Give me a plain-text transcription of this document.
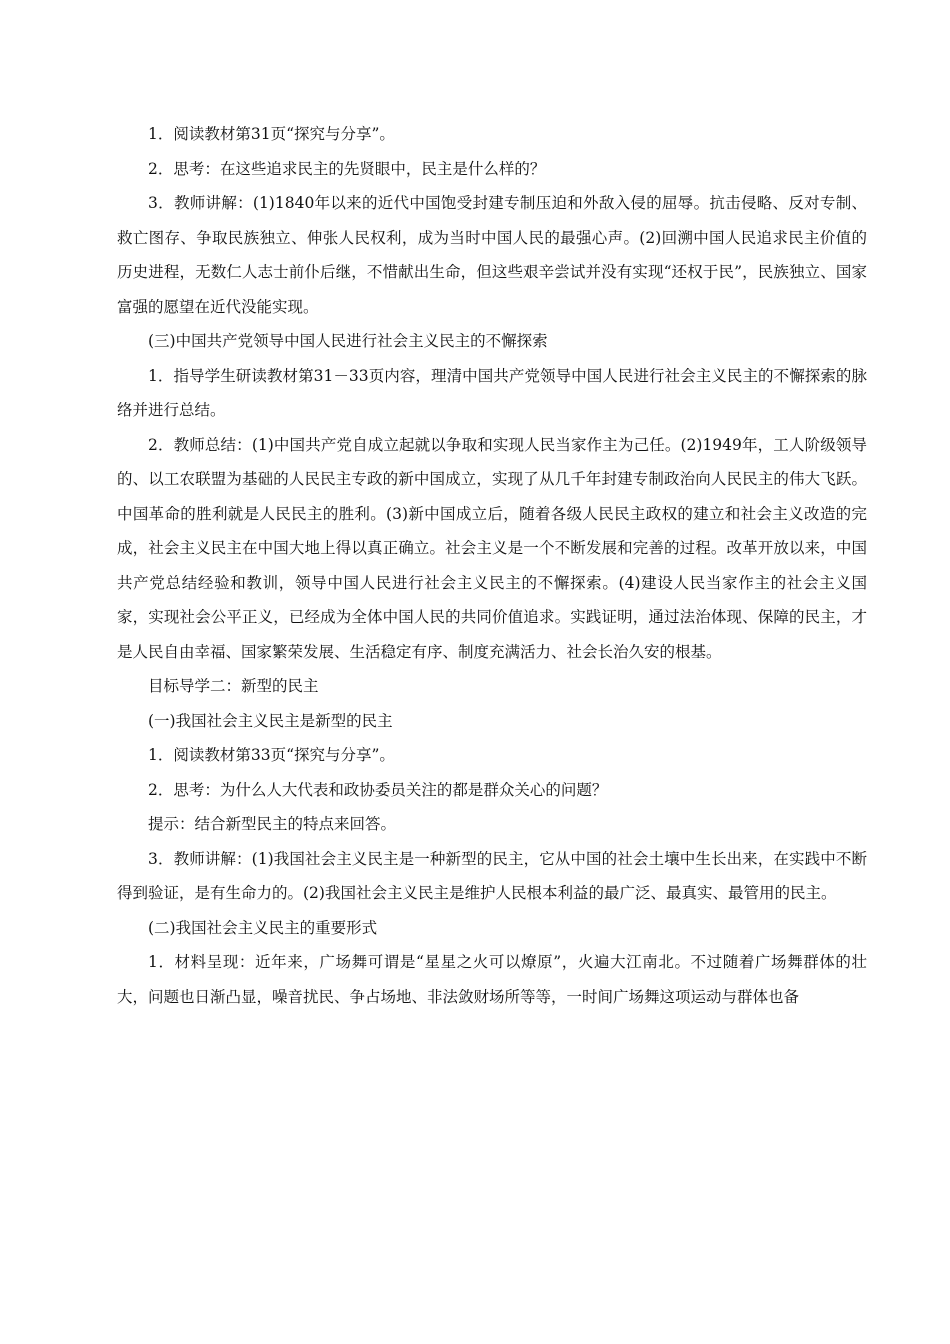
1．阅读教材第31页“探究与分享”。

2．思考：在这些追求民主的先贤眼中，民主是什么样的？

3．教师讲解：(1)1840年以来的近代中国饱受封建专制压迫和外敌入侵的屈辱。抗击侵略、反对专制、救亡图存、争取民族独立、伸张人民权利，成为当时中国人民的最强心声。(2)回溯中国人民追求民主价值的历史进程，无数仁人志士前仆后继，不惜献出生命，但这些艰辛尝试并没有实现“还权于民”，民族独立、国家富强的愿望在近代没能实现。

(三)中国共产党领导中国人民进行社会主义民主的不懈探索

1．指导学生研读教材第31－33页内容，理清中国共产党领导中国人民进行社会主义民主的不懈探索的脉络并进行总结。

2．教师总结：(1)中国共产党自成立起就以争取和实现人民当家作主为己任。(2)1949年，工人阶级领导的、以工农联盟为基础的人民民主专政的新中国成立，实现了从几千年封建专制政治向人民民主的伟大飞跃。中国革命的胜利就是人民民主的胜利。(3)新中国成立后，随着各级人民民主政权的建立和社会主义改造的完成，社会主义民主在中国大地上得以真正确立。社会主义是一个不断发展和完善的过程。改革开放以来，中国共产党总结经验和教训，领导中国人民进行社会主义民主的不懈探索。(4)建设人民当家作主的社会主义国家，实现社会公平正义，已经成为全体中国人民的共同价值追求。实践证明，通过法治体现、保障的民主，才是人民自由幸福、国家繁荣发展、生活稳定有序、制度充满活力、社会长治久安的根基。

目标导学二：新型的民主

(一)我国社会主义民主是新型的民主

1．阅读教材第33页“探究与分享”。

2．思考：为什么人大代表和政协委员关注的都是群众关心的问题？

提示：结合新型民主的特点来回答。

3．教师讲解：(1)我国社会主义民主是一种新型的民主，它从中国的社会土壤中生长出来，在实践中不断得到验证，是有生命力的。(2)我国社会主义民主是维护人民根本利益的最广泛、最真实、最管用的民主。

(二)我国社会主义民主的重要形式

1．材料呈现：近年来，广场舞可谓是“星星之火可以燎原”，火遍大江南北。不过随着广场舞群体的壮大，问题也日渐凸显，噪音扰民、争占场地、非法敛财场所等等，一时间广场舞这项运动与群体也备
